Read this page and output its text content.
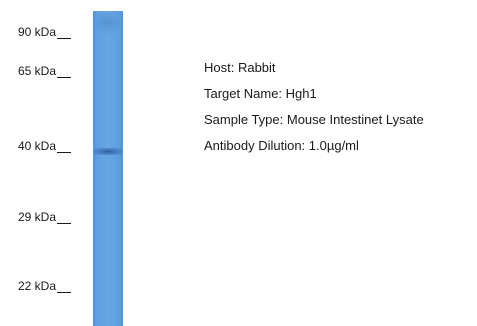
90 kDa
65 kDa
40 kDa
29 kDa
22 kDa
Host: Rabbit
Target Name: Hgh1
Sample Type: Mouse Intestinet Lysate
Antibody Dilution: 1.0µg/ml
